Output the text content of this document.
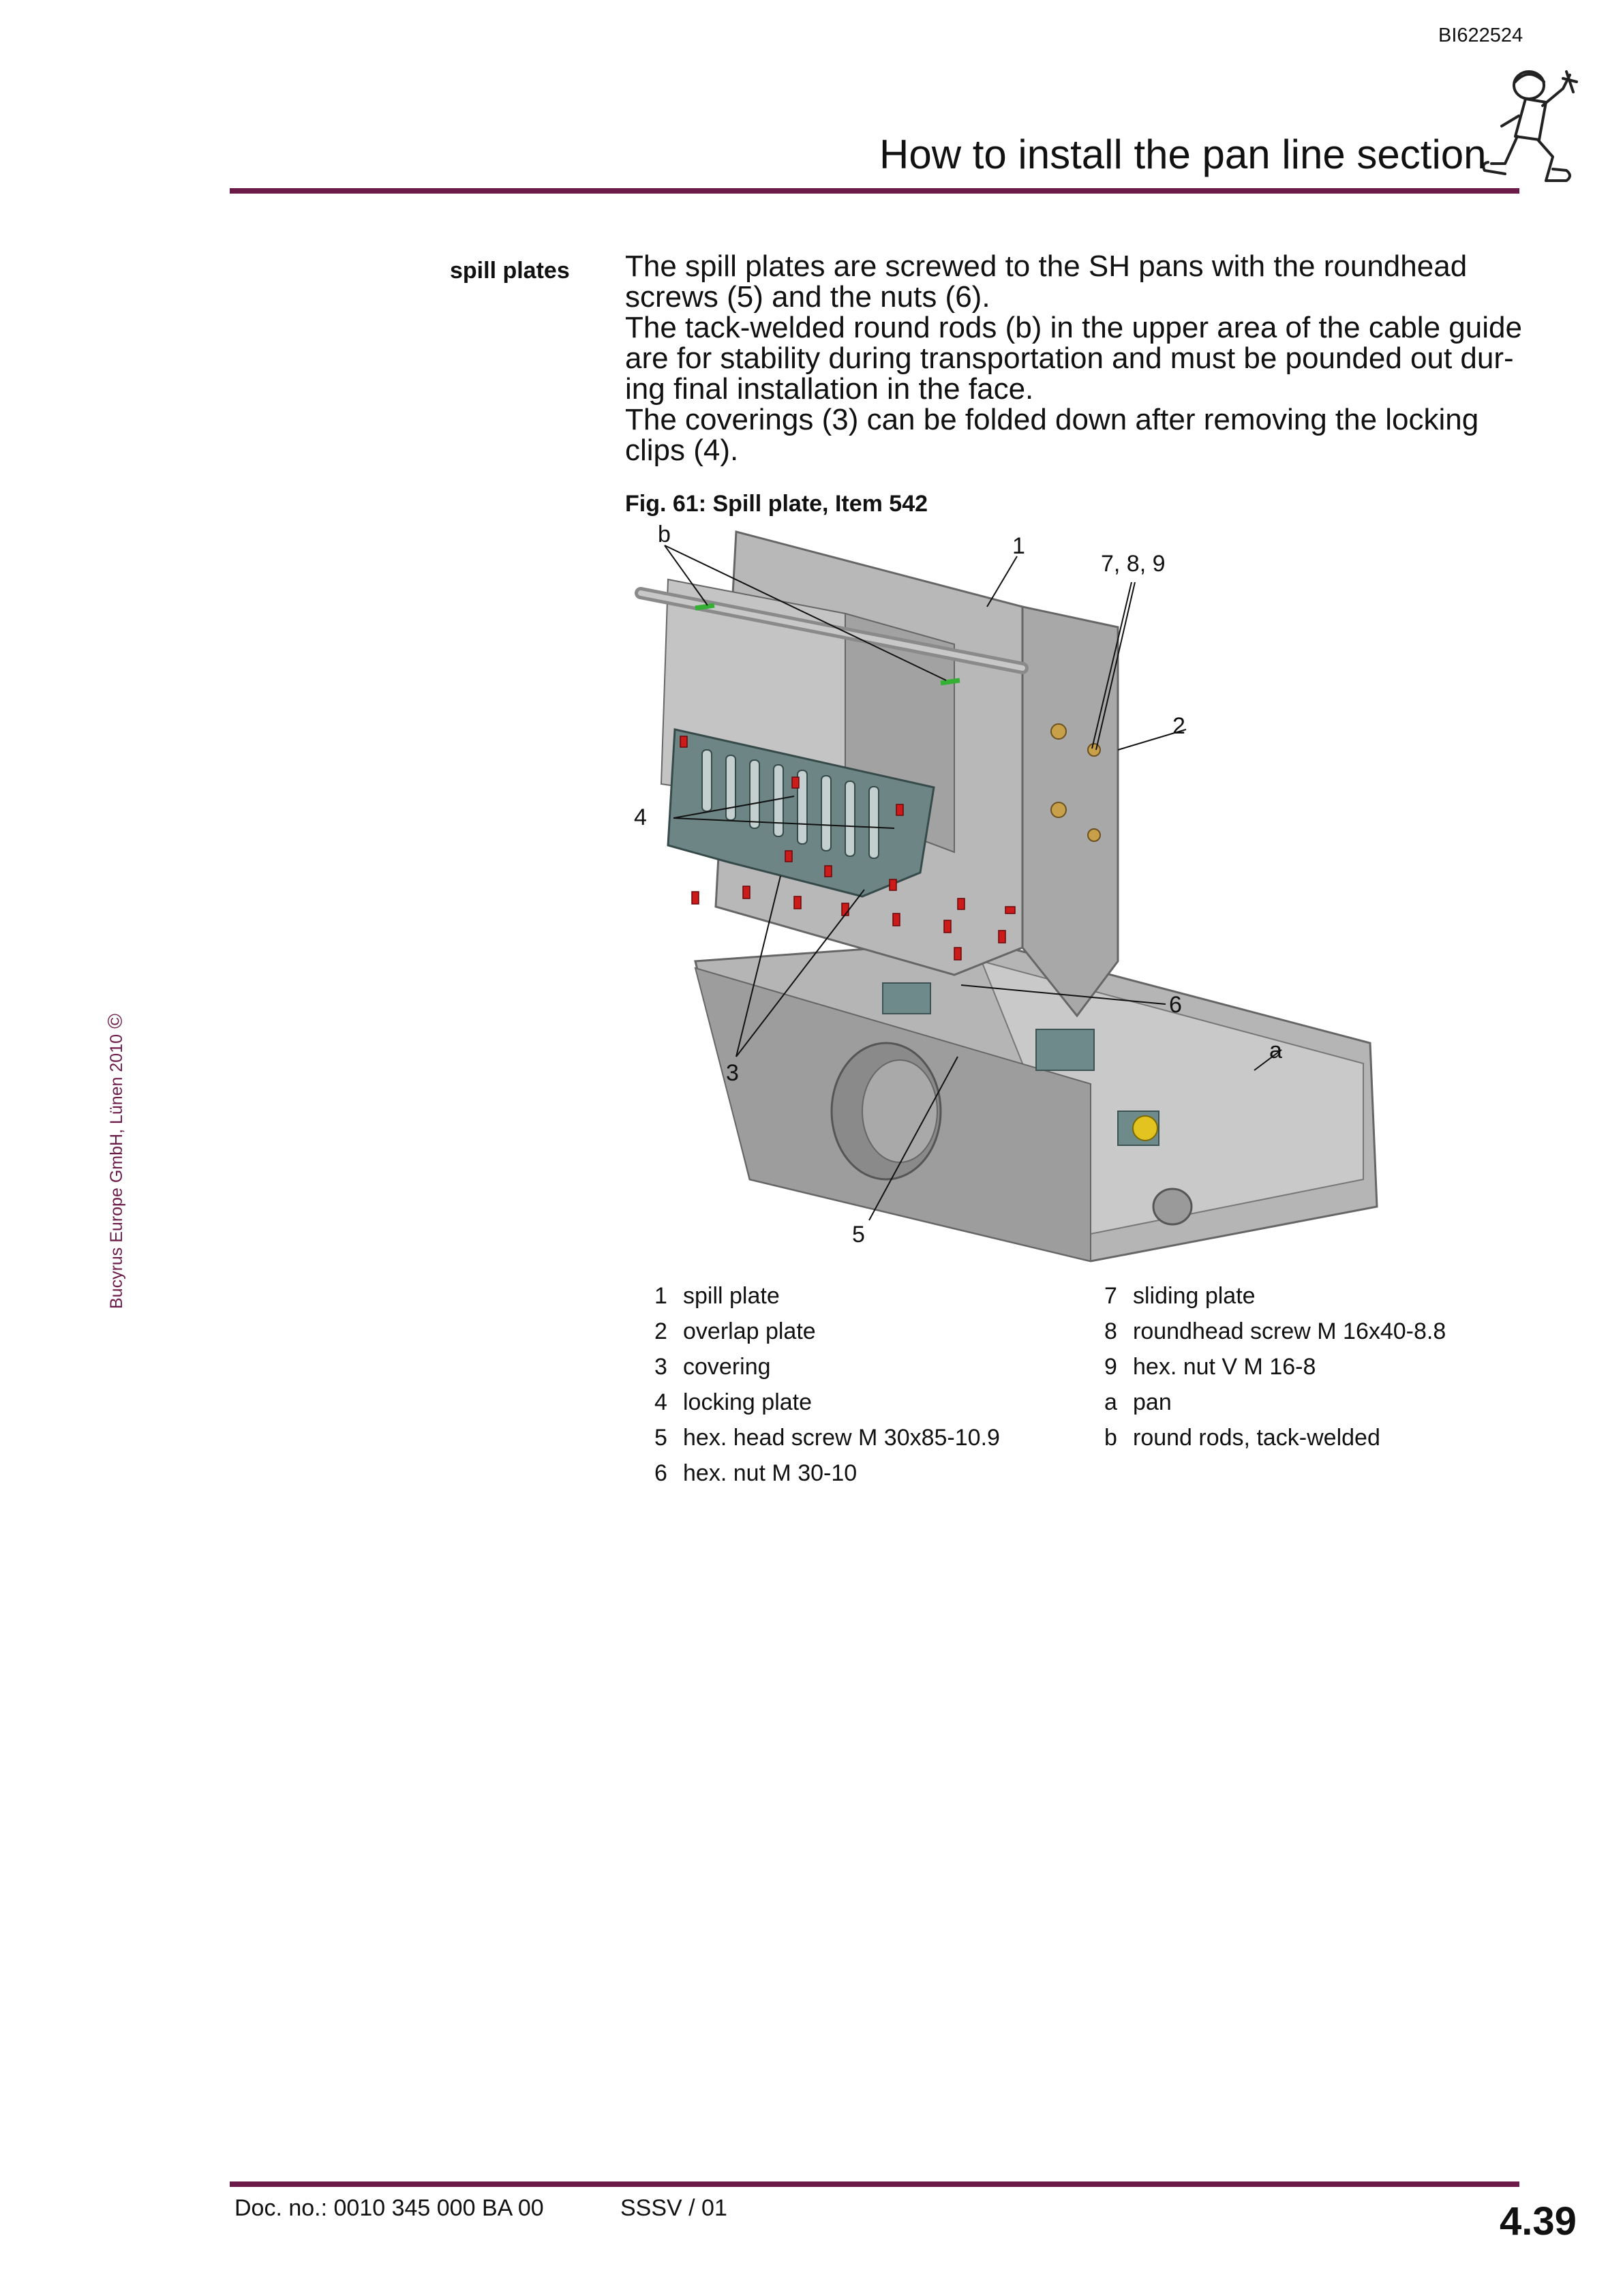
BI622524
How to install the pan line section
Bucyrus Europe GmbH, Lünen 2010©
spill plates The spill plates are screwed to the SH pans with the roundhead screws (5) and the nuts (6).

The tack-welded round rods (b) in the upper area of the cable guide are for stability during transportation and must be pounded out dur-ing final installation in the face.

The coverings (3) can be folded down after removing the locking clips (4).

Fig. 61: Spill plate, Item 542
b	1
7, 8, 9
2
4
6
a
3
5
1 spill plate
2 overlap plate
3 covering
4 locking plate
5 hex. head screw M 30x85-10.9
6 hex. nut M 30-10
7 sliding plate
8 roundhead screw M 16x40-8.8
9 hex. nut V M 16-8
a pan
b round rods, tack-welded
Doc. no.: 0010 345 000 BA 00	SSSV / 01	4.39
